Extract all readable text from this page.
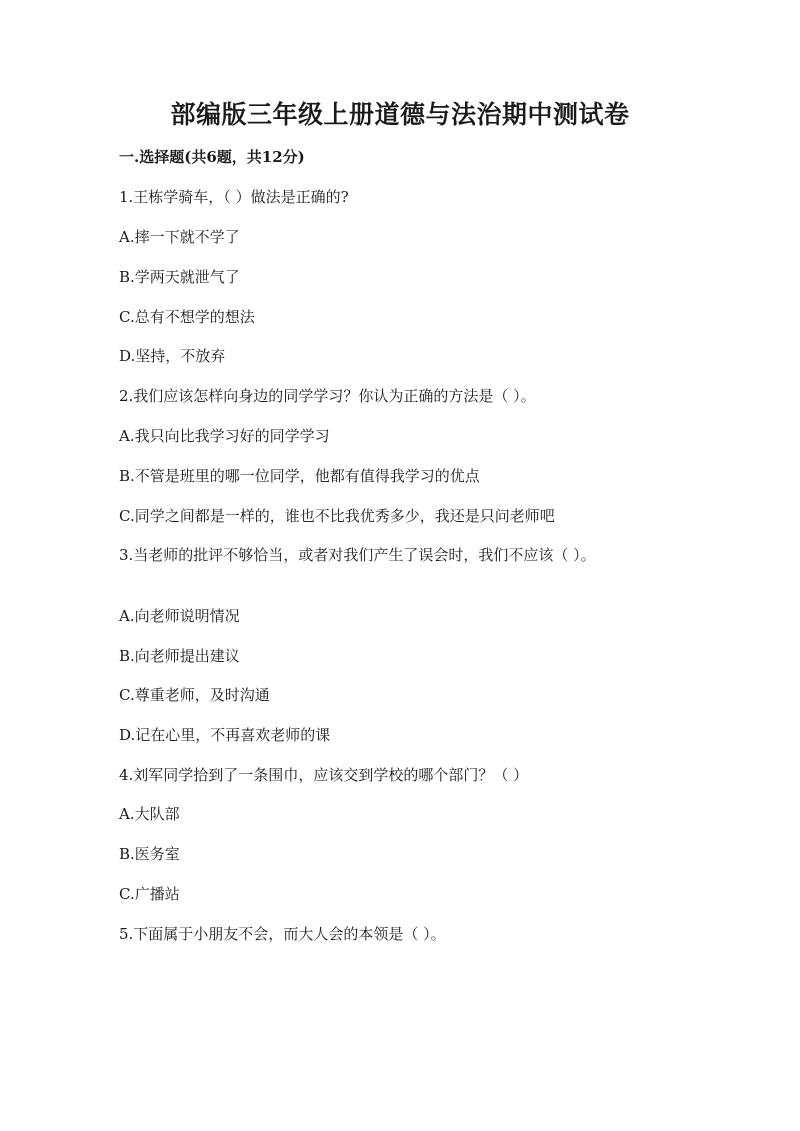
部编版三年级上册道德与法治期中测试卷
一.选择题(共6题，共12分)
1.王栋学骑车，（ ）做法是正确的?
A.摔一下就不学了
B.学两天就泄气了
C.总有不想学的想法
D.坚持，不放弃
2.我们应该怎样向身边的同学学习？你认为正确的方法是（ ）。
A.我只向比我学习好的同学学习
B.不管是班里的哪一位同学，他都有值得我学习的优点
C.同学之间都是一样的，谁也不比我优秀多少，我还是只问老师吧
3.当老师的批评不够恰当，或者对我们产生了误会时，我们不应该（ ）。
A.向老师说明情况
B.向老师提出建议
C.尊重老师，及时沟通
D.记在心里，不再喜欢老师的课
4.刘军同学拾到了一条围巾，应该交到学校的哪个部门？（ ）
A.大队部
B.医务室
C.广播站
5.下面属于小朋友不会，而大人会的本领是（ ）。
